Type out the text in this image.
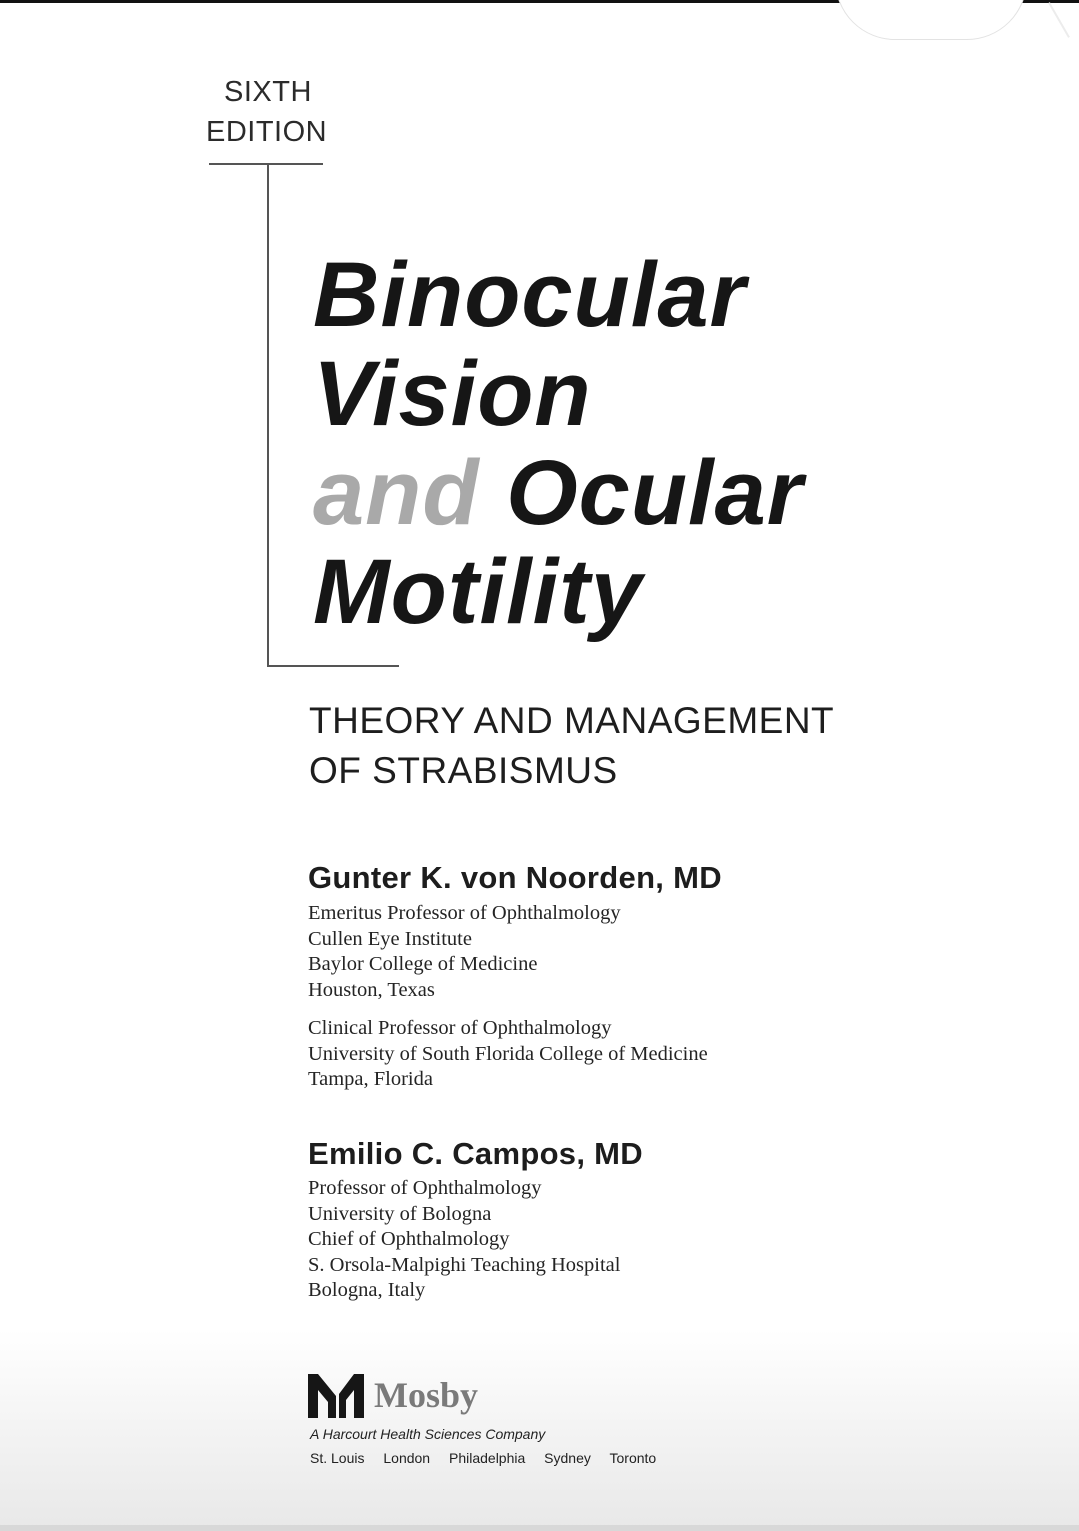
SIXTH
EDITION
Binocular
Vision
and Ocular
Motility
THEORY AND MANAGEMENT
OF STRABISMUS
Gunter K. von Noorden, MD
Emeritus Professor of Ophthalmology
Cullen Eye Institute
Baylor College of Medicine
Houston, Texas
Clinical Professor of Ophthalmology
University of South Florida College of Medicine
Tampa, Florida
Emilio C. Campos, MD
Professor of Ophthalmology
University of Bologna
Chief of Ophthalmology
S. Orsola-Malpighi Teaching Hospital
Bologna, Italy
Mosby
A Harcourt Health Sciences Company
St. Louis London Philadelphia Sydney Toronto
